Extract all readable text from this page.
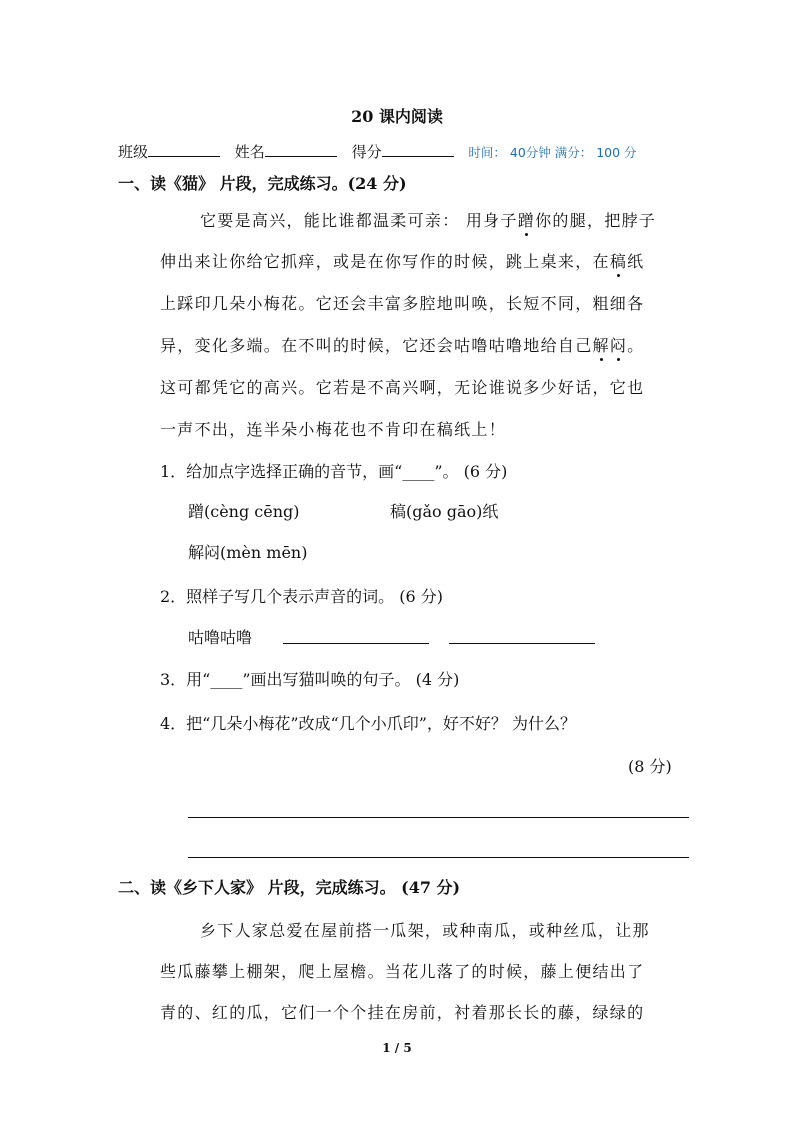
20 课内阅读
班级	姓名	得分	时间： 40分钟 满分： 100 分
一、读《猫》 片段，完成练习。(24 分)
它要是高兴，能比谁都温柔可亲： 用身子蹭你的腿，把脖子
伸出来让你给它抓痒，或是在你写作的时候，跳上桌来，在稿纸
上踩印几朵小梅花。它还会丰富多腔地叫唤，长短不同，粗细各
异，变化多端。在不叫的时候，它还会咕噜咕噜地给自己解闷。
这可都凭它的高兴。它若是不高兴啊，无论谁说多少好话，它也
一声不出，连半朵小梅花也不肯印在稿纸上！
1．给加点字选择正确的音节，画“____”。 (6 分)
蹭(cèng cēng)	稿(gǎo gāo)纸
解闷(mèn mēn)
2．照样子写几个表示声音的词。 (6 分)
咕噜咕噜
3．用“____”画出写猫叫唤的句子。 (4 分)
4．把“几朵小梅花”改成“几个小爪印”，好不好？ 为什么？
(8 分)
二、读《乡下人家》 片段，完成练习。 (47 分)
乡下人家总爱在屋前搭一瓜架，或种南瓜，或种丝瓜，让那
些瓜藤攀上棚架，爬上屋檐。当花儿落了的时候，藤上便结出了
青的、红的瓜，它们一个个挂在房前，衬着那长长的藤，绿绿的
1 / 5
